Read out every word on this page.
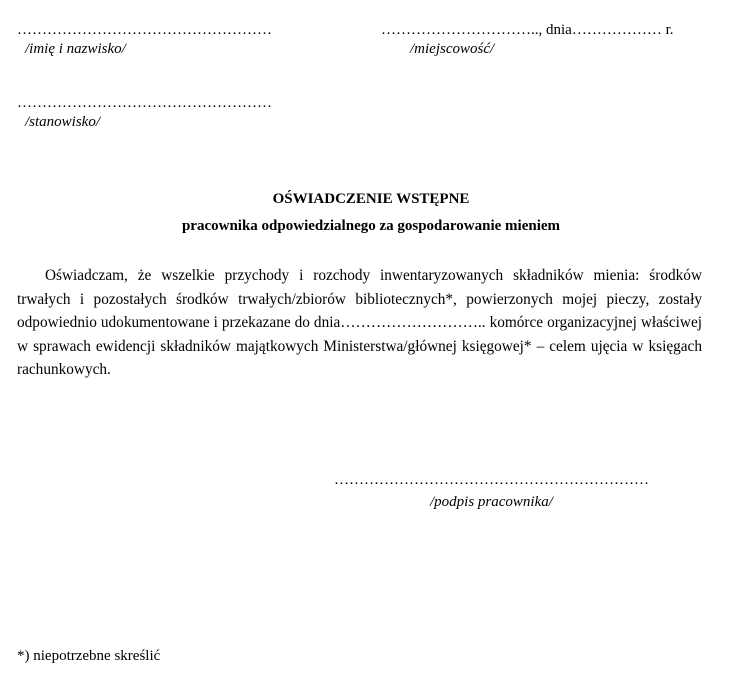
……………………………………………
/imię i nazwisko/
………………………….., dnia……………… r.
/miejscowość/
……………………………………………
/stanowisko/
OŚWIADCZENIE WSTĘPNE
pracownika odpowiedzialnego za gospodarowanie mieniem
Oświadczam, że wszelkie przychody i rozchody inwentaryzowanych składników mienia: środków trwałych i pozostałych środków trwałych/zbiorów bibliotecznych*, powierzonych mojej pieczy, zostały odpowiednio udokumentowane i przekazane do dnia……………………….. komórce organizacyjnej właściwej w sprawach ewidencji składników majątkowych Ministerstwa/głównej księgowej* – celem ujęcia w księgach rachunkowych.
………………………………………………………
/podpis pracownika/
*) niepotrzebne skreślić
